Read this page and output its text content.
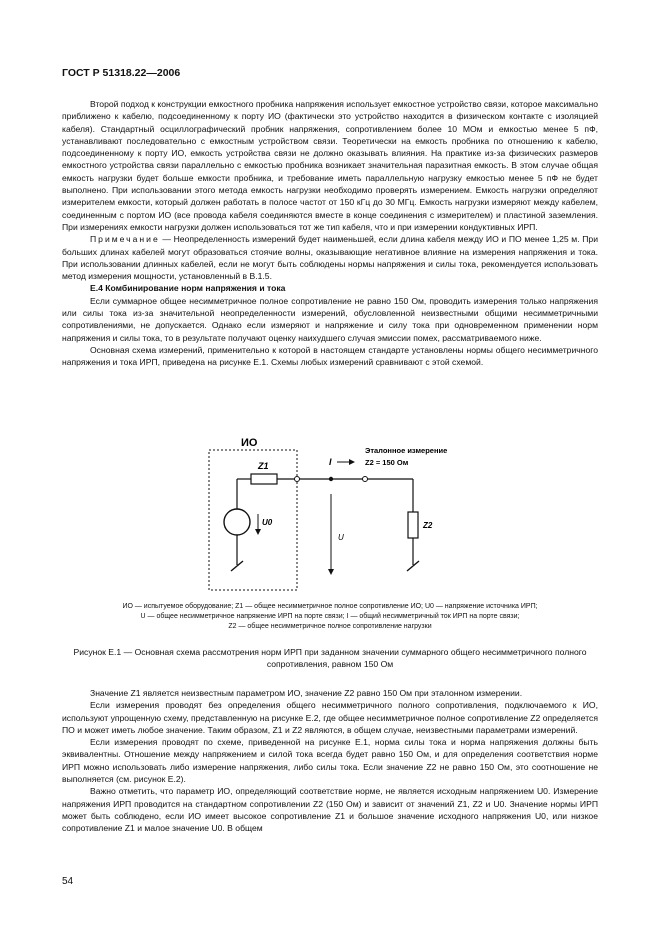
ГОСТ Р 51318.22—2006

Второй подход к конструкции емкостного пробника напряжения использует емкостное устройство связи, которое максимально приближено к кабелю, подсоединенному к порту ИО (фактически это устройство находится в физическом контакте с изоляцией кабеля). Стандартный осциллографический пробник напряжения, сопротивлением более 10 МОм и емкостью менее 5 пФ, устанавливают последовательно с емкостным устройством связи. Теоретически на емкость пробника по отношению к кабелю, подсоединенному к порту ИО, емкость устройства связи не должно оказывать влияния. На практике из-за физических размеров емкостного устройства связи параллельно с емкостью пробника возникает значительная паразитная емкость. В этом случае общая емкость нагрузки будет больше емкости пробника, и требование иметь параллельную нагрузку емкостью менее 5 пФ не будет выполнено. При использовании этого метода емкость нагрузки необходимо проверять измерением. Емкость нагрузки определяют измерителем емкости, который должен работать в полосе частот от 150 кГц до 30 МГц. Емкость нагрузки измеряют между кабелем, соединенным с портом ИО (все провода кабеля соединяются вместе в конце соединения с измерителем) и пластиной заземления. При измерениях емкости нагрузки должен использоваться тот же тип кабеля, что и при измерении кондуктивных ИРП.

Примечание — Неопределенность измерений будет наименьшей, если длина кабеля между ИО и ПО менее 1,25 м. При больших длинах кабелей могут образоваться стоячие волны, оказывающие негативное влияние на измерения напряжения и тока. При использовании длинных кабелей, если не могут быть соблюдены нормы напряжения и силы тока, рекомендуется использовать метод измерения мощности, установленный в В.1.5.

Е.4 Комбинирование норм напряжения и тока

Если суммарное общее несимметричное полное сопротивление не равно 150 Ом, проводить измерения только напряжения или силы тока из-за значительной неопределенности измерений, обусловленной неизвестными общими несимметричными сопротивлениями, не допускается. Однако если измеряют и напряжение и силу тока при одновременном применении норм напряжения и силы тока, то в результате получают оценку наихудшего случая эмиссии помех, рассматриваемого ниже.

Основная схема измерений, применительно к которой в настоящем стандарте установлены нормы общего несимметричного напряжения и тока ИРП, приведена на рисунке Е.1. Схемы любых измерений сравнивают с этой схемой.

ИО
Z1
U0
I
U
Эталонное измерение
Z2 = 150 Ом
Z2
ИО — испытуемое оборудование; Z1 — общее несимметричное полное сопротивление ИО; U0 — напряжение источника ИРП;
U — общее несимметричное напряжение ИРП на порте связи; I — общий несимметричный ток ИРП на порте связи;
Z2 — общее несимметричное полное сопротивление нагрузки
Рисунок Е.1 — Основная схема рассмотрения норм ИРП при заданном значении суммарного общего несимметричного полного сопротивления, равном 150 Ом

Значение Z1 является неизвестным параметром ИО, значение Z2 равно 150 Ом при эталонном измерении.

Если измерения проводят без определения общего несимметричного полного сопротивления, подключаемого к ИО, используют упрощенную схему, представленную на рисунке Е.2, где общее несимметричное полное сопротивление Z2 определяется ПО и может иметь любое значение. Таким образом, Z1 и Z2 являются, в общем случае, неизвестными параметрами измерений.

Если измерения проводят по схеме, приведенной на рисунке Е.1, норма силы тока и норма напряжения должны быть эквивалентны. Отношение между напряжением и силой тока всегда будет равно 150 Ом, и для определения соответствия норме ИРП можно использовать либо измерение напряжения, либо силы тока. Если значение Z2 не равно 150 Ом, это соотношение не выполняется (см. рисунок Е.2).

Важно отметить, что параметр ИО, определяющий соответствие норме, не является исходным напряжением U0. Измерение напряжения ИРП проводится на стандартном сопротивлении Z2 (150 Ом) и зависит от значений Z1, Z2 и U0. Значение нормы ИРП может быть соблюдено, если ИО имеет высокое сопротивление Z1 и большое значение исходного напряжения U0, или низкое сопротивление Z1 и малое значение U0. В общем

54
